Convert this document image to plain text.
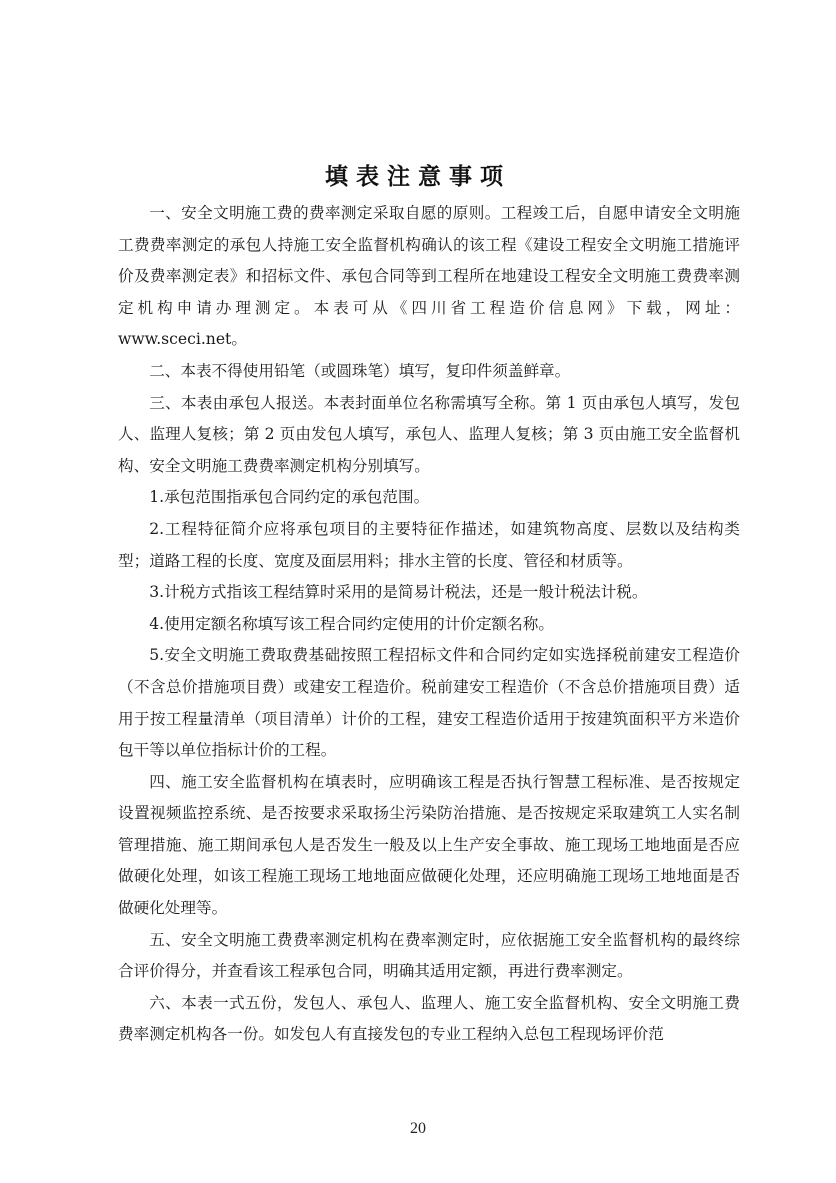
填表注意事项

一、安全文明施工费的费率测定采取自愿的原则。工程竣工后，自愿申请安全文明施工费费率测定的承包人持施工安全监督机构确认的该工程《建设工程安全文明施工措施评价及费率测定表》和招标文件、承包合同等到工程所在地建设工程安全文明施工费费率测定机构申请办理测定。本表可从《四川省工程造价信息网》下载，网址：www.sceci.net。

二、本表不得使用铅笔（或圆珠笔）填写，复印件须盖鲜章。

三、本表由承包人报送。本表封面单位名称需填写全称。第 1 页由承包人填写，发包人、监理人复核；第 2 页由发包人填写，承包人、监理人复核；第 3 页由施工安全监督机构、安全文明施工费费率测定机构分别填写。

1.承包范围指承包合同约定的承包范围。

2.工程特征简介应将承包项目的主要特征作描述，如建筑物高度、层数以及结构类型；道路工程的长度、宽度及面层用料；排水主管的长度、管径和材质等。

3.计税方式指该工程结算时采用的是简易计税法，还是一般计税法计税。

4.使用定额名称填写该工程合同约定使用的计价定额名称。

5.安全文明施工费取费基础按照工程招标文件和合同约定如实选择税前建安工程造价（不含总价措施项目费）或建安工程造价。税前建安工程造价（不含总价措施项目费）适用于按工程量清单（项目清单）计价的工程，建安工程造价适用于按建筑面积平方米造价包干等以单位指标计价的工程。

四、施工安全监督机构在填表时，应明确该工程是否执行智慧工程标准、是否按规定设置视频监控系统、是否按要求采取扬尘污染防治措施、是否按规定采取建筑工人实名制管理措施、施工期间承包人是否发生一般及以上生产安全事故、施工现场工地地面是否应做硬化处理，如该工程施工现场工地地面应做硬化处理，还应明确施工现场工地地面是否做硬化处理等。

五、安全文明施工费费率测定机构在费率测定时，应依据施工安全监督机构的最终综合评价得分，并查看该工程承包合同，明确其适用定额，再进行费率测定。

六、本表一式五份，发包人、承包人、监理人、施工安全监督机构、安全文明施工费费率测定机构各一份。如发包人有直接发包的专业工程纳入总包工程现场评价范

20
